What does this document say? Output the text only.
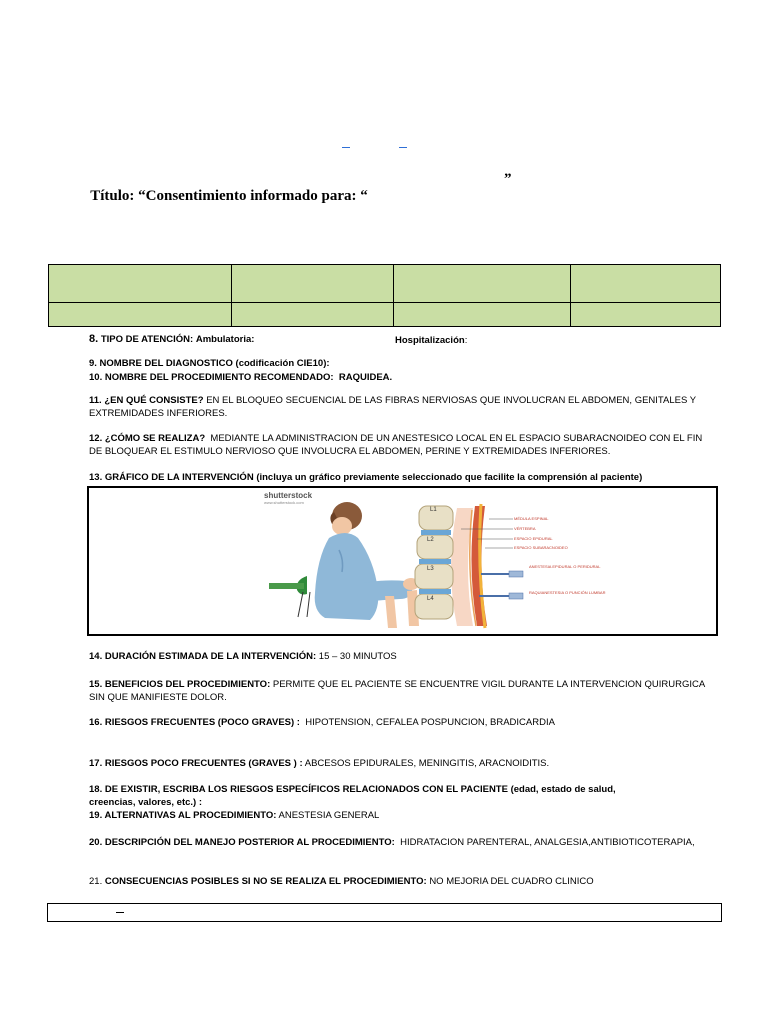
Título: “Consentimiento informado para: “

”

8. TIPO DE ATENCIÓN: Ambulatoria:	Hospitalización:
9. NOMBRE DEL DIAGNOSTICO (codificación CIE10):
10. NOMBRE DEL PROCEDIMIENTO RECOMENDADO: RAQUIDEA.
11. ¿EN QUÉ CONSISTE? EN EL BLOQUEO SECUENCIAL DE LAS FIBRAS NERVIOSAS QUE INVOLUCRAN EL ABDOMEN, GENITALES Y EXTREMIDADES INFERIORES.
12. ¿CÓMO SE REALIZA? MEDIANTE LA ADMINISTRACION DE UN ANESTESICO LOCAL EN EL ESPACIO SUBARACNOIDEO CON EL FIN DE BLOQUEAR EL ESTIMULO NERVIOSO QUE INVOLUCRA EL ABDOMEN, PERINE Y EXTREMIDADES INFERIORES.
13. GRÁFICO DE LA INTERVENCIÓN (incluya un gráfico previamente seleccionado que facilite la comprensión al paciente)
shutterstock
www.shutterstock.com
L1
L2
L3
L4
MÉDULA ESPINAL
VÉRTEBRA
ESPACIO EPIDURAL
ESPACIO SUBARACNOIDEO
ANESTESIA EPIDURAL O PERIDURAL
RAQUIANESTESIA O PUNCIÓN LUMBAR
14. DURACIÓN ESTIMADA DE LA INTERVENCIÓN: 15 – 30 MINUTOS
15. BENEFICIOS DEL PROCEDIMIENTO: PERMITE QUE EL PACIENTE SE ENCUENTRE VIGIL DURANTE LA INTERVENCION QUIRURGICA SIN QUE MANIFIESTE DOLOR.
16. RIESGOS FRECUENTES (POCO GRAVES) : HIPOTENSION, CEFALEA POSPUNCION, BRADICARDIA
17. RIESGOS POCO FRECUENTES (GRAVES ) : ABCESOS EPIDURALES, MENINGITIS, ARACNOIDITIS.
18. DE EXISTIR, ESCRIBA LOS RIESGOS ESPECÍFICOS RELACIONADOS CON EL PACIENTE (edad, estado de salud,
creencias, valores, etc.) :
19. ALTERNATIVAS AL PROCEDIMIENTO: ANESTESIA GENERAL
20. DESCRIPCIÓN DEL MANEJO POSTERIOR AL PROCEDIMIENTO: HIDRATACION PARENTERAL, ANALGESIA,ANTIBIOTICOTERAPIA,
21. CONSECUENCIAS POSIBLES SI NO SE REALIZA EL PROCEDIMIENTO: NO MEJORIA DEL CUADRO CLINICO
